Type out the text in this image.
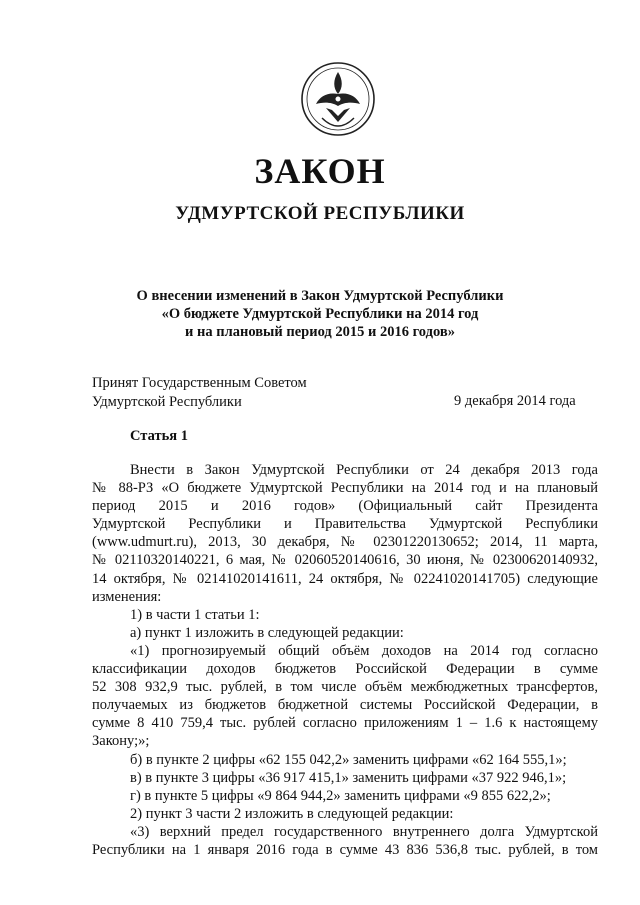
ЗАКОН
УДМУРТСКОЙ РЕСПУБЛИКИ
О внесении изменений в Закон Удмуртской Республики
«О бюджете Удмуртской Республики на 2014 год
и на плановый период 2015 и 2016 годов»
Принят Государственным Советом
Удмуртской Республики	9 декабря 2014 года
Статья 1

Внести в Закон Удмуртской Республики от 24 декабря 2013 года

№ 88-РЗ «О бюджете Удмуртской Республики на 2014 год и на плановый

период 2015 и 2016 годов» (Официальный сайт Президента

Удмуртской Республики и Правительства Удмуртской Республики

(www.udmurt.ru), 2013, 30 декабря, № 02301220130652; 2014, 11 марта,

№ 02110320140221, 6 мая, № 02060520140616, 30 июня, № 02300620140932,

14 октября, № 02141020141611, 24 октября, № 02241020141705) следующие

изменения:

1) в части 1 статьи 1:

а) пункт 1 изложить в следующей редакции:

«1) прогнозируемый общий объём доходов на 2014 год согласно

классификации доходов бюджетов Российской Федерации в сумме

52 308 932,9 тыс. рублей, в том числе объём межбюджетных трансфертов,

получаемых из бюджетов бюджетной системы Российской Федерации, в

сумме 8 410 759,4 тыс. рублей согласно приложениям 1 – 1.6 к настоящему

Закону;»;

б) в пункте 2 цифры «62 155 042,2» заменить цифрами «62 164 555,1»;

в) в пункте 3 цифры «36 917 415,1» заменить цифрами «37 922 946,1»;

г) в пункте 5 цифры «9 864 944,2» заменить цифрами «9 855 622,2»;

2) пункт 3 части 2 изложить в следующей редакции:

«3) верхний предел государственного внутреннего долга Удмуртской

Республики на 1 января 2016 года в сумме 43 836 536,8 тыс. рублей, в том
